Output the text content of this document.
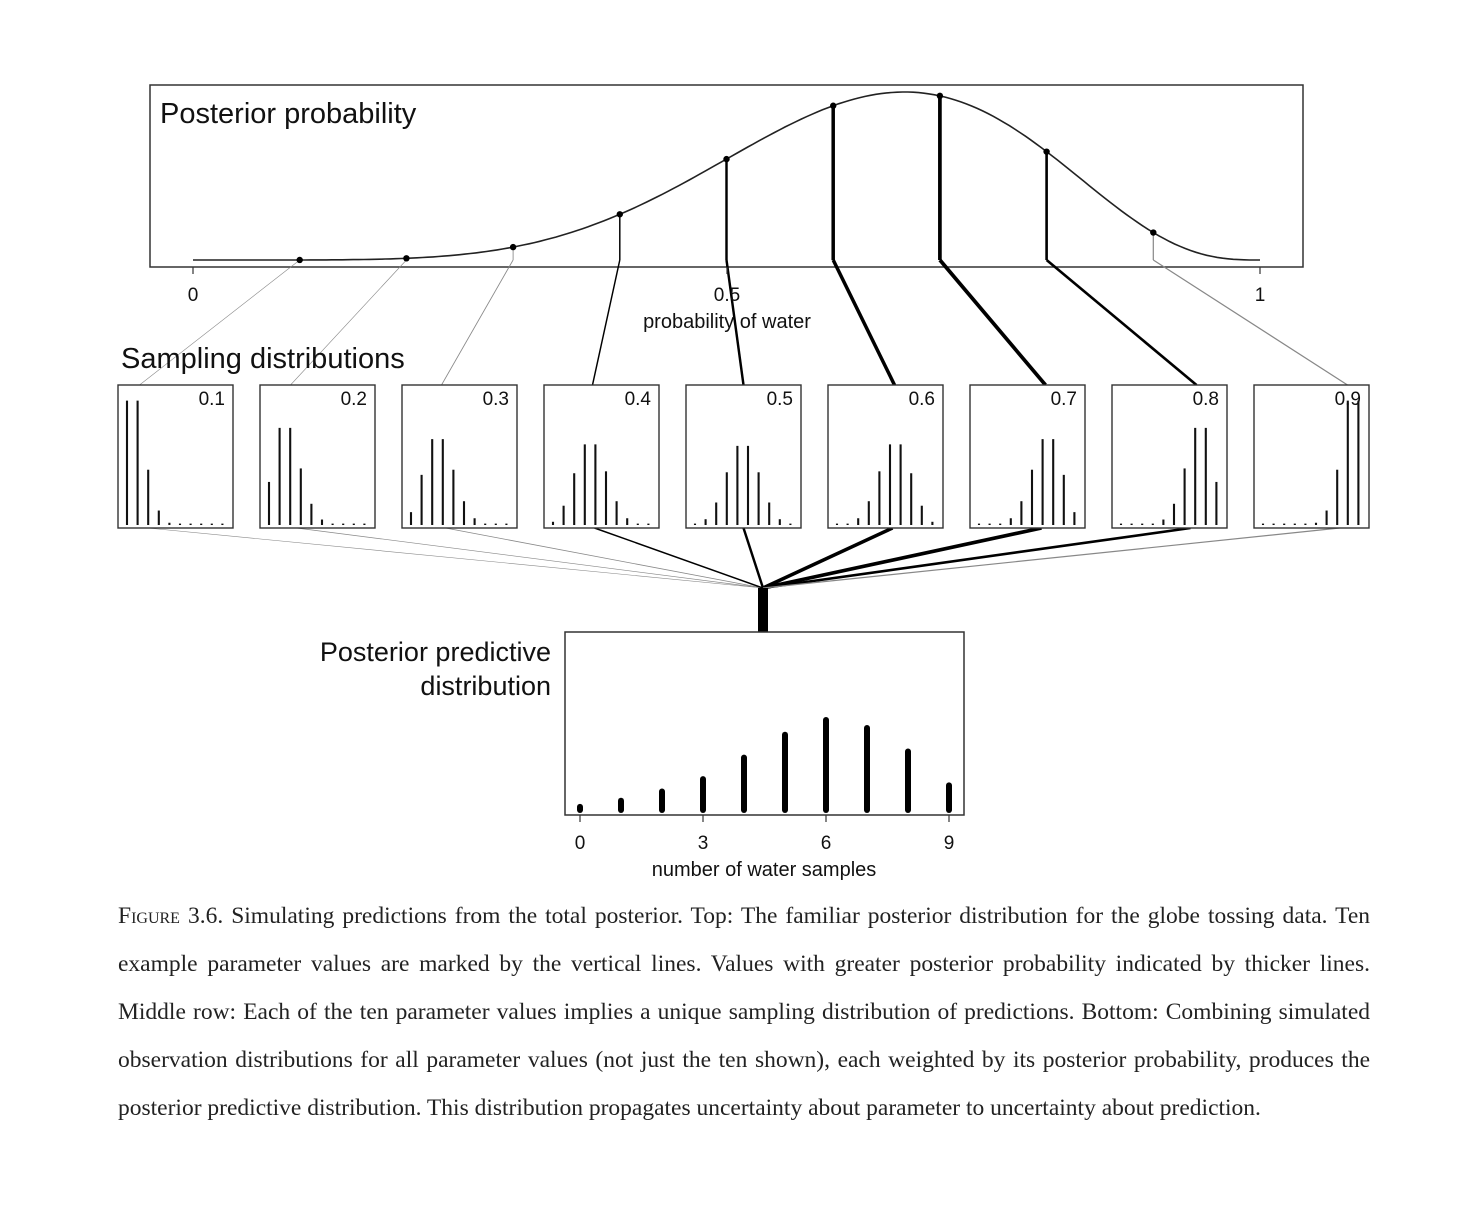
Posterior probability
0	0.5	1
probability of water
Sampling distributions
0.1	0.2	0.3	0.4	0.5	0.6	0.7	0.8	0.9
Posterior predictive
distribution
0	3	6	9
number of water samples

Figure 3.6. Simulating predictions from the total posterior. Top: The familiar posterior distribution for the globe tossing data. Ten example parameter values are marked by the vertical lines. Values with greater posterior probability indicated by thicker lines. Middle row: Each of the ten parameter values implies a unique sampling distribution of predictions. Bottom: Combining simulated observation distributions for all parameter values (not just the ten shown), each weighted by its posterior probability, produces the posterior predictive distribution. This distribution propagates uncertainty about parameter to uncertainty about prediction.
